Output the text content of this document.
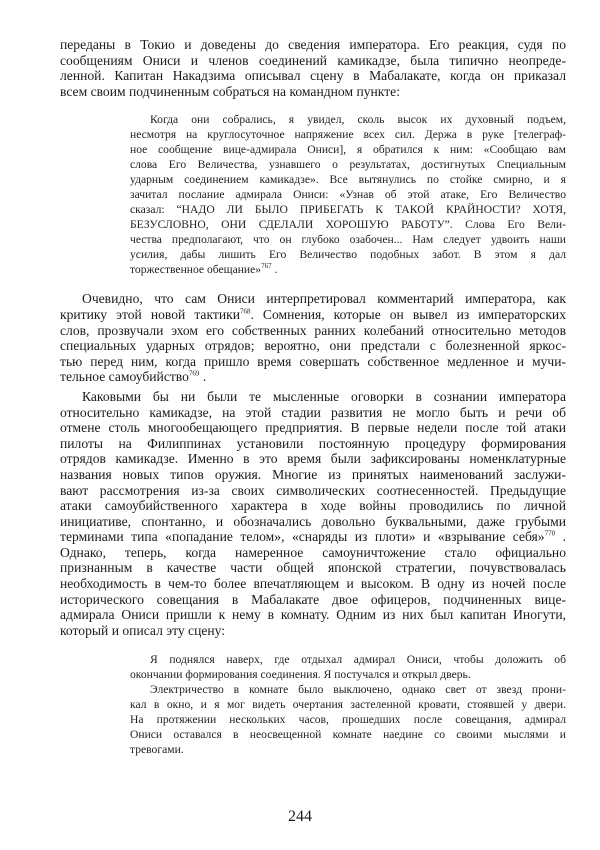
переданы в Токио и доведены до сведения императора. Его реакция, судя по
сообщениям Ониси и членов соединений камикадзе, была типично неопреде-
ленной. Капитан Накадзима описывал сцену в Мабалакате, когда он приказал
всем своим подчиненным собраться на командном пункте:
Когда они собрались, я увидел, сколь высок их духовный подъем,
несмотря на круглосуточное напряжение всех сил. Держа в руке [телеграф-
ное сообщение вице-адмирала Ониси], я обратился к ним: «Сообщаю вам
слова Его Величества, узнавшего о результатах, достигнутых Специальным
ударным соединением камикадзе». Все вытянулись по стойке смирно, и я
зачитал послание адмирала Ониси: «Узнав об этой атаке, Его Величество
сказал: “НАДО ЛИ БЫЛО ПРИБЕГАТЬ К ТАКОЙ КРАЙНОСТИ? ХОТЯ,
БЕЗУСЛОВНО, ОНИ СДЕЛАЛИ ХОРОШУЮ РАБОТУ”. Слова Его Вели-
чества предполагают, что он глубоко озабочен... Нам следует удвоить наши
усилия, дабы лишить Его Величество подобных забот. В этом я дал
торжественное обещание»$^{767}$ .
Очевидно, что сам Ониси интерпретировал комментарий императора, как
критику этой новой тактики$^{768}$. Сомнения, которые он вывел из императорских
слов, прозвучали эхом его собственных ранних колебаний относительно методов
специальных ударных отрядов; вероятно, они предстали с болезненной яркос-
тью перед ним, когда пришло время совершать собственное медленное и мучи-
тельное самоубийство$^{769}$ .
Каковыми бы ни были те мысленные оговорки в сознании императора
относительно камикадзе, на этой стадии развития не могло быть и речи об
отмене столь многообещающего предприятия. В первые недели после той атаки
пилоты на Филиппинах установили постоянную процедуру формирования
отрядов камикадзе. Именно в это время были зафиксированы номенклатурные
названия новых типов оружия. Многие из принятых наименований заслужи-
вают рассмотрения из-за своих символических соотнесенностей. Предыдущие
атаки самоубийственного характера в ходе войны проводились по личной
инициативе, спонтанно, и обозначались довольно буквальными, даже грубыми
терминами типа «попадание телом», «снаряды из плоти» и «взрывание себя»$^{770}$ .
Однако, теперь, когда намеренное самоуничтожение стало официально
признанным в качестве части общей японской стратегии, почувствовалась
необходимость в чем-то более впечатляющем и высоком. В одну из ночей после
исторического совещания в Мабалакате двое офицеров, подчиненных вице-
адмирала Ониси пришли к нему в комнату. Одним из них был капитан Иногути,
который и описал эту сцену:
Я поднялся наверх, где отдыхал адмирал Ониси, чтобы доложить об
окончании формирования соединения. Я постучался и открыл дверь.
Электричество в комнате было выключено, однако свет от звезд прони-
кал в окно, и я мог видеть очертания застеленной кровати, стоявшей у двери.
На протяжении нескольких часов, прошедших после совещания, адмирал
Ониси оставался в неосвещенной комнате наедине со своими мыслями и
тревогами.
244
